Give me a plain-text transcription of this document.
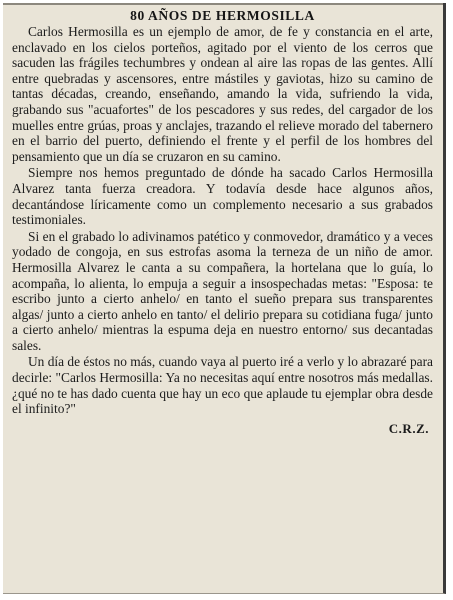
80 AÑOS DE HERMOSILLA

Carlos Hermosilla es un ejemplo de amor, de fe y constancia en el arte, enclavado en los cielos porteños, agitado por el viento de los cerros que sacuden las frágiles techumbres y ondean al aire las ropas de las gentes. Allí entre quebradas y ascensores, entre mástiles y gaviotas, hizo su camino de tantas décadas, creando, enseñando, amando la vida, sufriendo la vida, grabando sus "acuafortes" de los pescadores y sus redes, del cargador de los muelles entre grúas, proas y anclajes, trazando el relieve morado del tabernero en el barrio del puerto, definiendo el frente y el perfil de los hombres del pensamiento que un día se cruzaron en su camino.

Siempre nos hemos preguntado de dónde ha sacado Carlos Hermosilla Alvarez tanta fuerza creadora. Y todavía desde hace algunos años, decantándose líricamente como un complemento necesario a sus grabados testimoniales.

Si en el grabado lo adivinamos patético y conmovedor, dramático y a veces yodado de congoja, en sus estrofas asoma la terneza de un niño de amor. Hermosilla Alvarez le canta a su compañera, la hortelana que lo guía, lo acompaña, lo alienta, lo empuja a seguir a insospechadas metas: "Esposa: te escribo junto a cierto anhelo/ en tanto el sueño prepara sus transparentes algas/ junto a cierto anhelo en tanto/ el delirio prepara su cotidiana fuga/ junto a cierto anhelo/ mientras la espuma deja en nuestro entorno/ sus decantadas sales.

Un día de éstos no más, cuando vaya al puerto iré a verlo y lo abrazaré para decirle: "Carlos Hermosilla: Ya no necesitas aquí entre nosotros más medallas. ¿qué no te has dado cuenta que hay un eco que aplaude tu ejemplar obra desde el infinito?"

C.R.Z.
